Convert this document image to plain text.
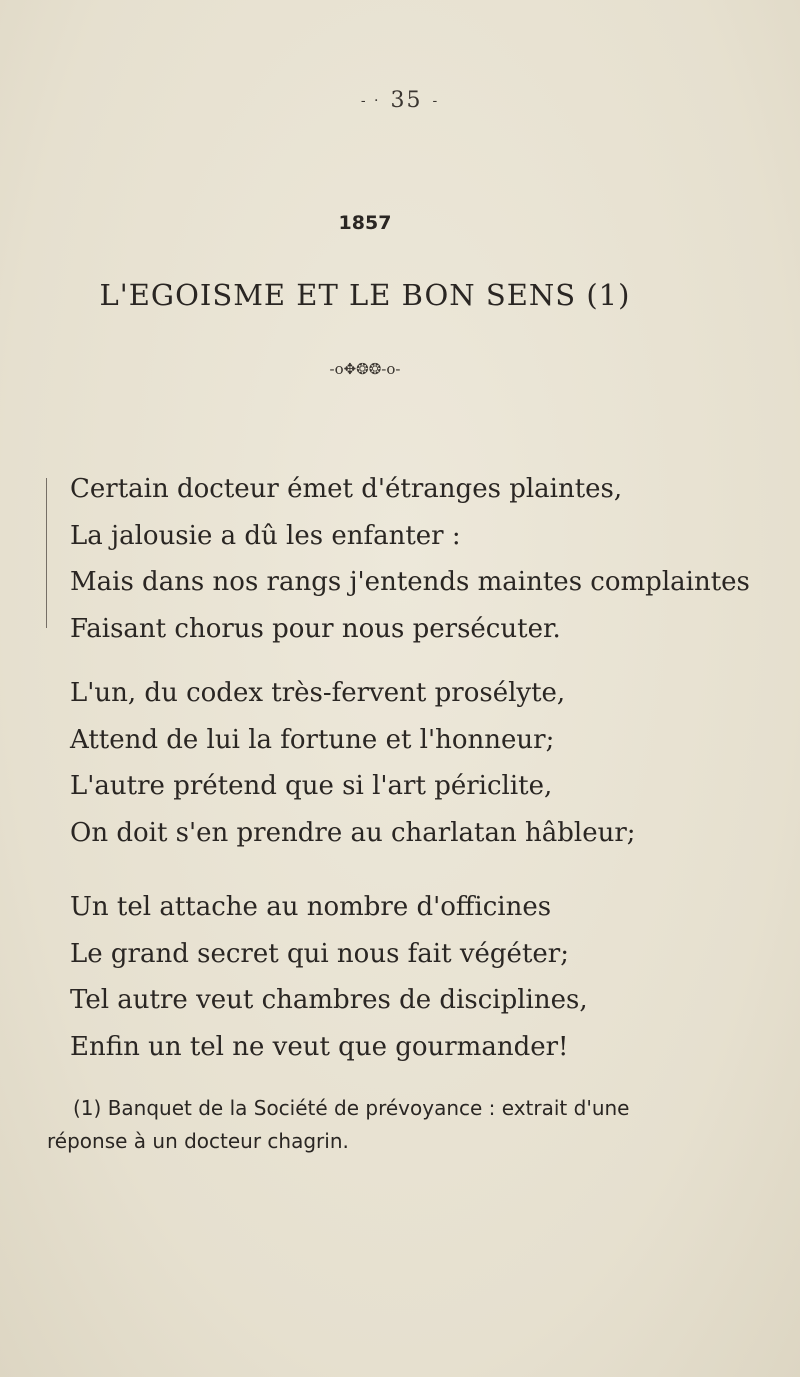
- · 35 -
1857
L'EGOISME ET LE BON SENS (1)
-o✥❂❂-o-
Certain docteur émet d'étranges plaintes,
La jalousie a dû les enfanter :
Mais dans nos rangs j'entends maintes complaintes
Faisant chorus pour nous persécuter.
L'un, du codex très-fervent prosélyte,
Attend de lui la fortune et l'honneur;
L'autre prétend que si l'art périclite,
On doit s'en prendre au charlatan hâbleur;
Un tel attache au nombre d'officines
Le grand secret qui nous fait végéter;
Tel autre veut chambres de disciplines,
Enfin un tel ne veut que gourmander!
(1) Banquet de la Société de prévoyance : extrait d'une
réponse à un docteur chagrin.
